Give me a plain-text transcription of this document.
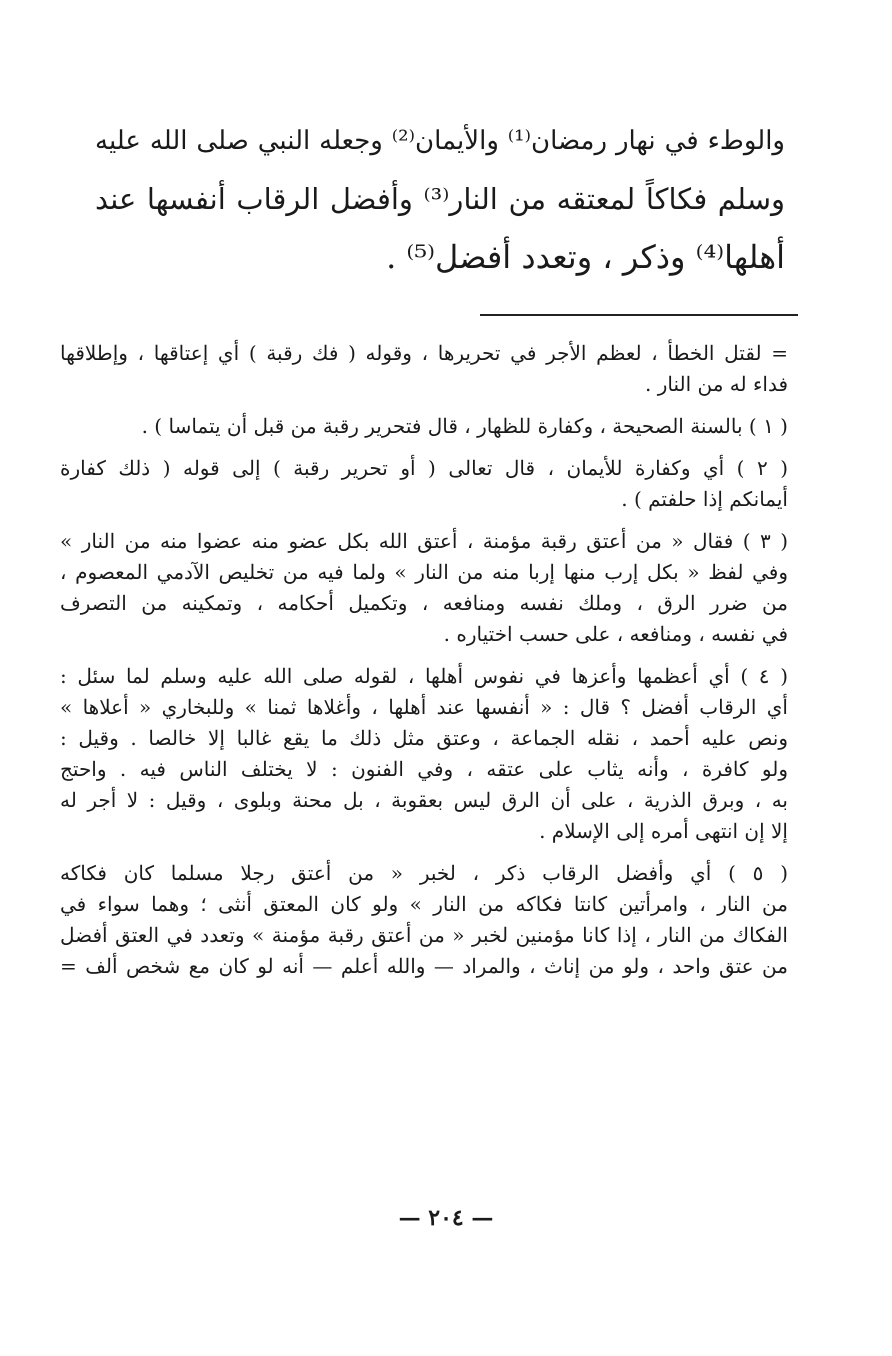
والوطء في نهار رمضان⁽¹⁾ والأيمان⁽²⁾ وجعله النبي صلى الله عليه
وسلم فكاكاً لمعتقه من النار⁽³⁾ وأفضل الرقاب أنفسها عند
أهلها⁽⁴⁾ وذكر ، وتعدد أفضل⁽⁵⁾ .
= لقتل الخطأ ، لعظم الأجر في تحريرها ، وقوله ( فك رقبة ) أي إعتاقها ، وإطلاقها
فداء له من النار .
( ١ ) بالسنة الصحيحة ، وكفارة للظهار ، قال فتحرير رقبة من قبل أن يتماسا ) .
( ٢ ) أي وكفارة للأيمان ، قال تعالى ( أو تحرير رقبة ) إلى قوله ( ذلك كفارة
أيمانكم إذا حلفتم ) .
( ٣ ) فقال « من أعتق رقبة مؤمنة ، أعتق الله بكل عضو منه عضوا منه من النار »
وفي لفظ « بكل إرب منها إربا منه من النار » ولما فيه من تخليص الآدمي المعصوم ،
من ضرر الرق ، وملك نفسه ومنافعه ، وتكميل أحكامه ، وتمكينه من التصرف
في نفسه ، ومنافعه ، على حسب اختياره .
( ٤ ) أي أعظمها وأعزها في نفوس أهلها ، لقوله صلى الله عليه وسلم لما سئل :
أي الرقاب أفضل ؟ قال : « أنفسها عند أهلها ، وأغلاها ثمنا » وللبخاري « أعلاها »
ونص عليه أحمد ، نقله الجماعة ، وعتق مثل ذلك ما يقع غالبا إلا خالصا . وقيل :
ولو كافرة ، وأنه يثاب على عتقه ، وفي الفنون : لا يختلف الناس فيه . واحتج
به ، وبرق الذرية ، على أن الرق ليس بعقوبة ، بل محنة وبلوى ، وقيل : لا أجر له
إلا إن انتهى أمره إلى الإسلام .
( ٥ ) أي وأفضل الرقاب ذكر ، لخبر « من أعتق رجلا مسلما كان فكاكه
من النار ، وامرأتين كانتا فكاكه من النار » ولو كان المعتق أنثى ؛ وهما سواء في
الفكاك من النار ، إذا كانا مؤمنين لخبر « من أعتق رقبة مؤمنة » وتعدد في العتق أفضل
من عتق واحد ، ولو من إناث ، والمراد — والله أعلم — أنه لو كان مع شخص ألف =
— ٢٠٤ —
